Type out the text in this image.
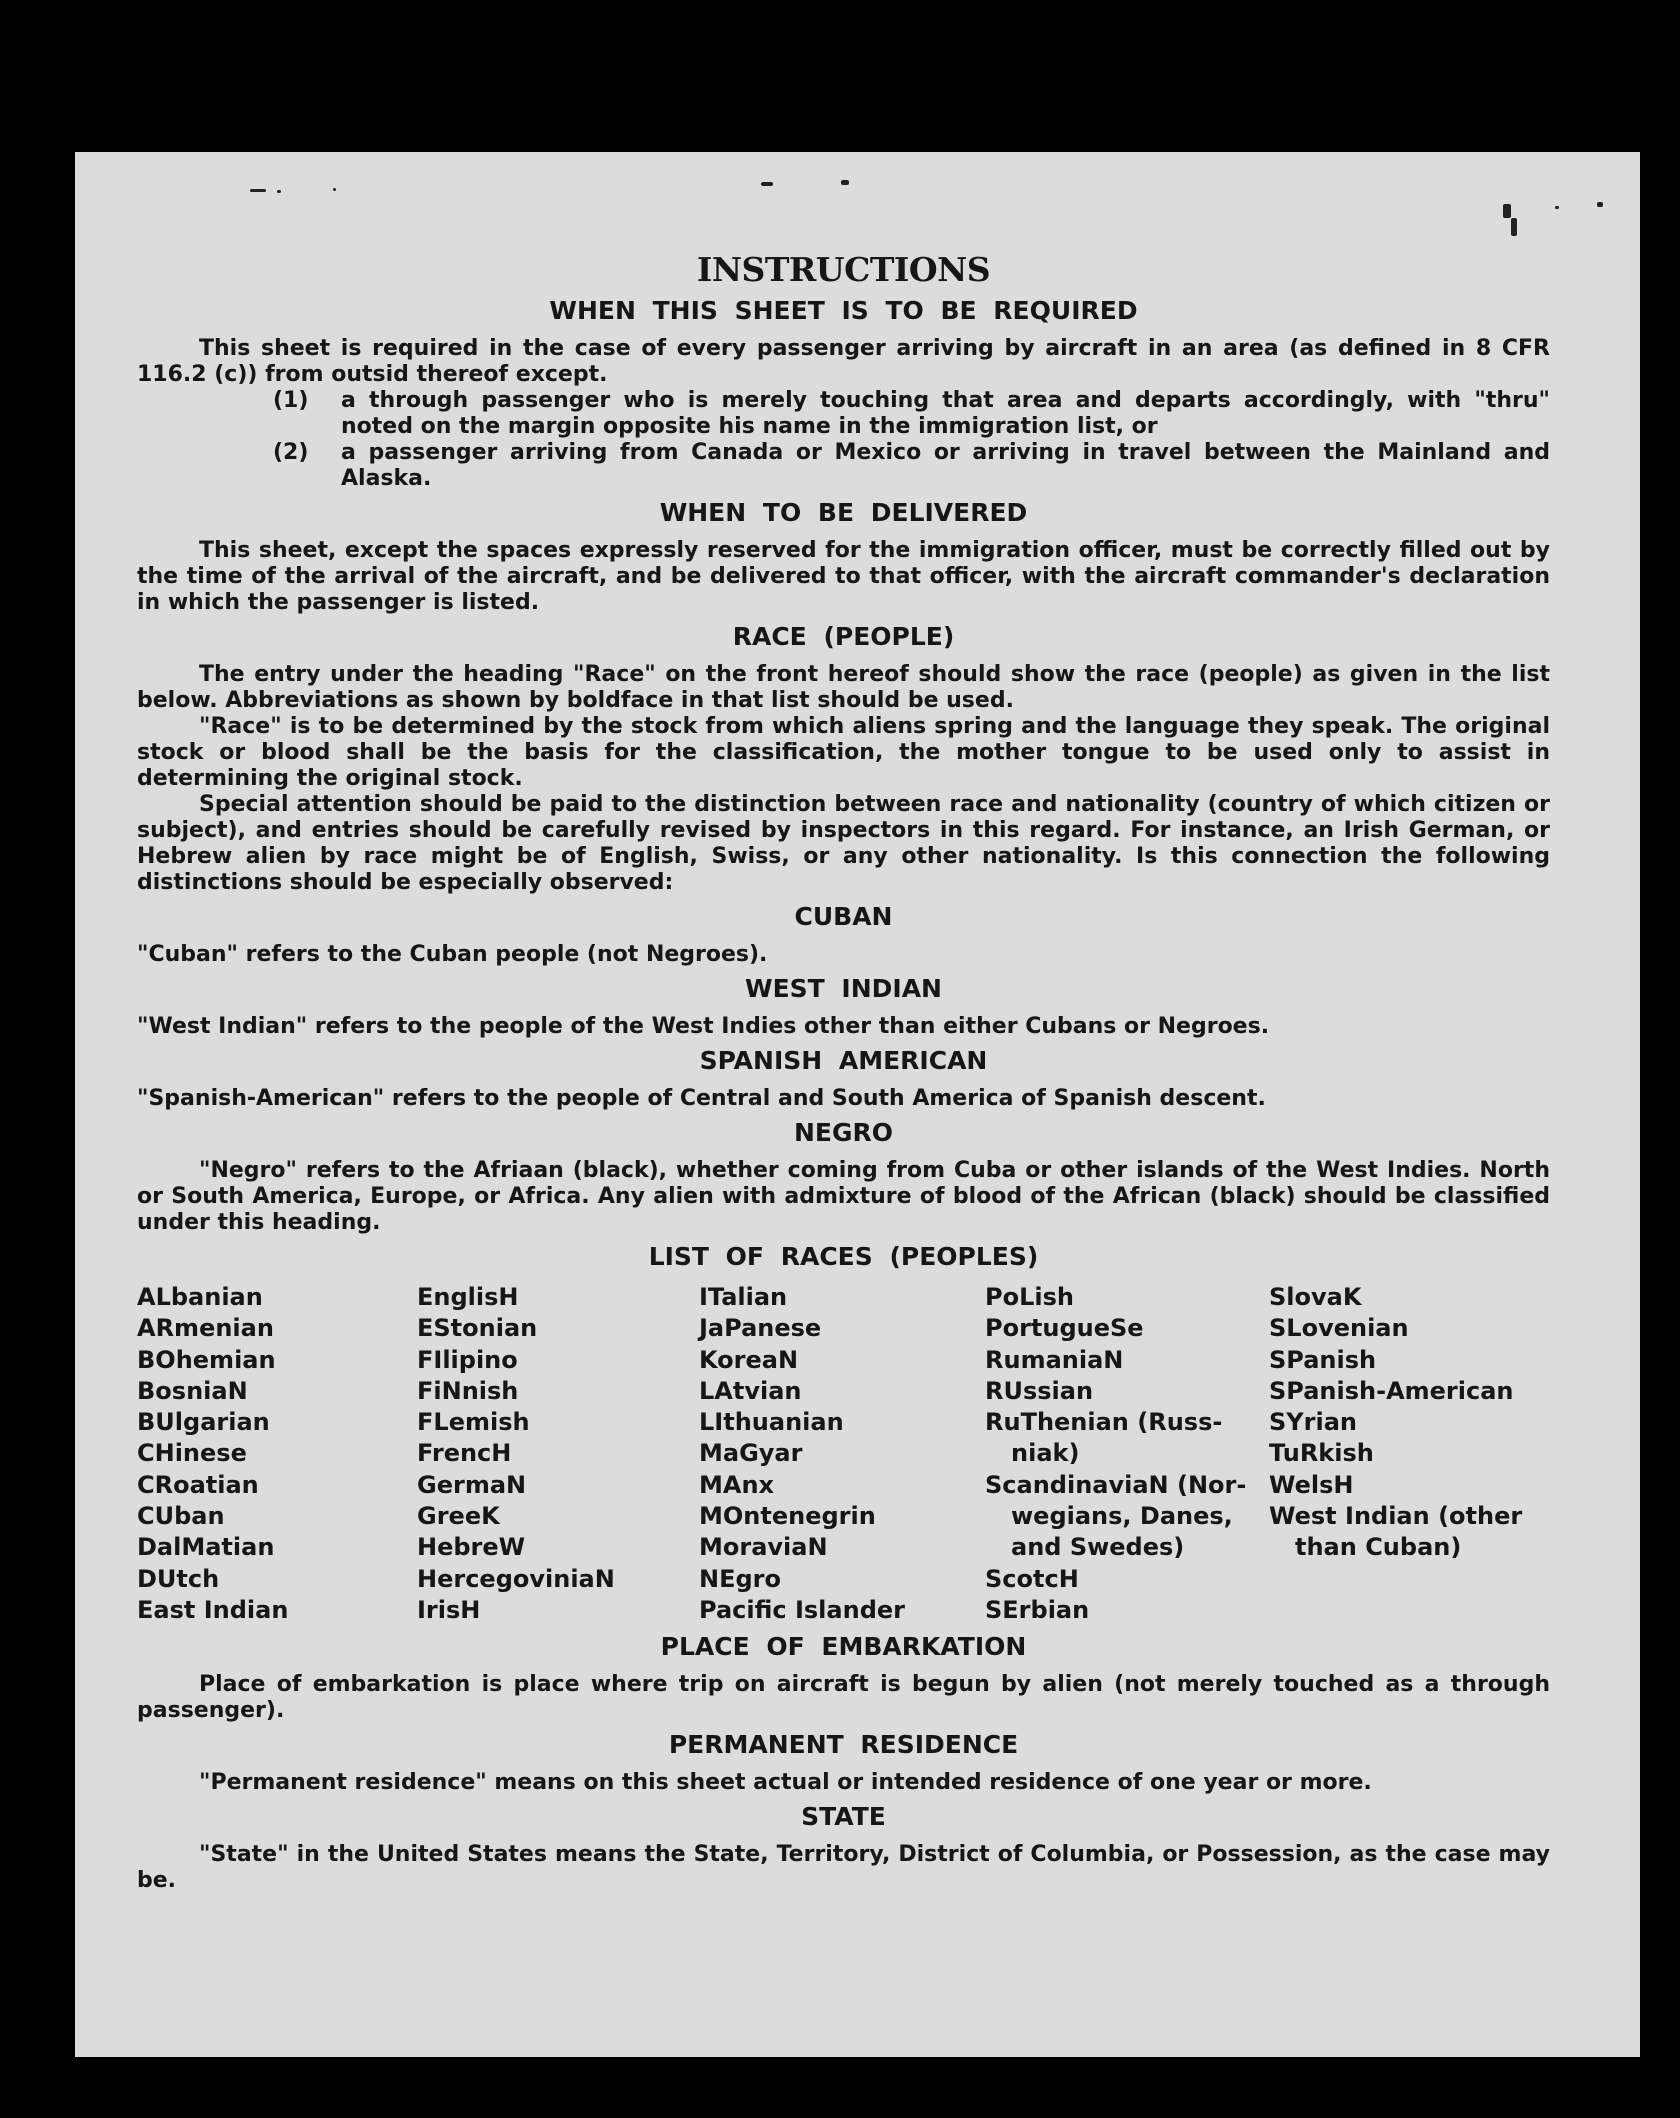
INSTRUCTIONS
WHEN THIS SHEET IS TO BE REQUIRED

This sheet is required in the case of every passenger arriving by aircraft in an area (as defined in 8 CFR 116.2 (c)) from outsid thereof except.

(1)	a through passenger who is merely touching that area and departs accordingly, with "thru" noted on the margin opposite his name in the immigration list, or
(2)	a passenger arriving from Canada or Mexico or arriving in travel between the Mainland and Alaska.
WHEN TO BE DELIVERED

This sheet, except the spaces expressly reserved for the immigration officer, must be correctly filled out by the time of the arrival of the aircraft, and be delivered to that officer, with the aircraft commander's declaration in which the passenger is listed.

RACE (PEOPLE)

The entry under the heading "Race" on the front hereof should show the race (people) as given in the list below. Abbreviations as shown by boldface in that list should be used.

"Race" is to be determined by the stock from which aliens spring and the language they speak. The original stock or blood shall be the basis for the classification, the mother tongue to be used only to assist in determining the original stock.

Special attention should be paid to the distinction between race and nationality (country of which citizen or subject), and entries should be carefully revised by inspectors in this regard. For instance, an Irish German, or Hebrew alien by race might be of English, Swiss, or any other nationality. Is this connection the following distinctions should be especially observed:

CUBAN

"Cuban" refers to the Cuban people (not Negroes).

WEST INDIAN

"West Indian" refers to the people of the West Indies other than either Cubans or Negroes.

SPANISH AMERICAN

"Spanish-American" refers to the people of Central and South America of Spanish descent.

NEGRO

"Negro" refers to the Afriaan (black), whether coming from Cuba or other islands of the West Indies. North or South America, Europe, or Africa. Any alien with admixture of blood of the African (black) should be classified under this heading.

LIST OF RACES (PEOPLES)
ALbanian
ARmenian
BOhemian
BosniaN
BUlgarian
CHinese
CRoatian
CUban
DalMatian
DUtch
East Indian
EnglisH
EStonian
FIlipino
FiNnish
FLemish
FrencH
GermaN
GreeK
HebreW
HercegoviniaN
IrisH
ITalian
JaPanese
KoreaN
LAtvian
LIthuanian
MaGyar
MAnx
MOntenegrin
MoraviaN
NEgro
Pacific Islander
PoLish
PortugueSe
RumaniaN
RUssian
RuThenian (Russ-
niak)
ScandinaviaN (Nor-
wegians, Danes,
and Swedes)
ScotcH
SErbian
SlovaK
SLovenian
SPanish
SPanish-American
SYrian
TuRkish
WelsH
West Indian (other
than Cuban)
PLACE OF EMBARKATION

Place of embarkation is place where trip on aircraft is begun by alien (not merely touched as a through passenger).

PERMANENT RESIDENCE

"Permanent residence" means on this sheet actual or intended residence of one year or more.

STATE

"State" in the United States means the State, Territory, District of Columbia, or Possession, as the case may be.
